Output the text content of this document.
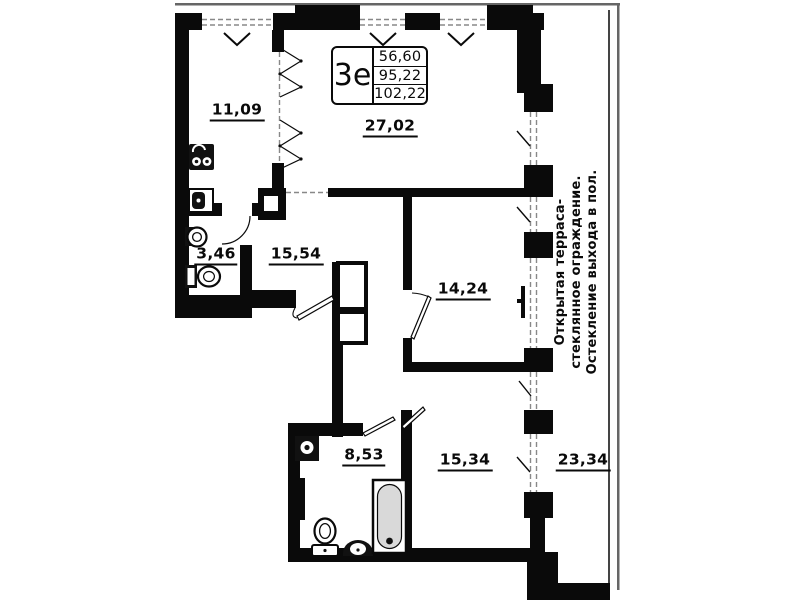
3е
56,60
95,22
102,22
11,09
27,02
3,46 15,54
14,24
8,53	15,34	23,34
Открытая терраса- стеклянное ограждение. Остекление выхода в пол.
